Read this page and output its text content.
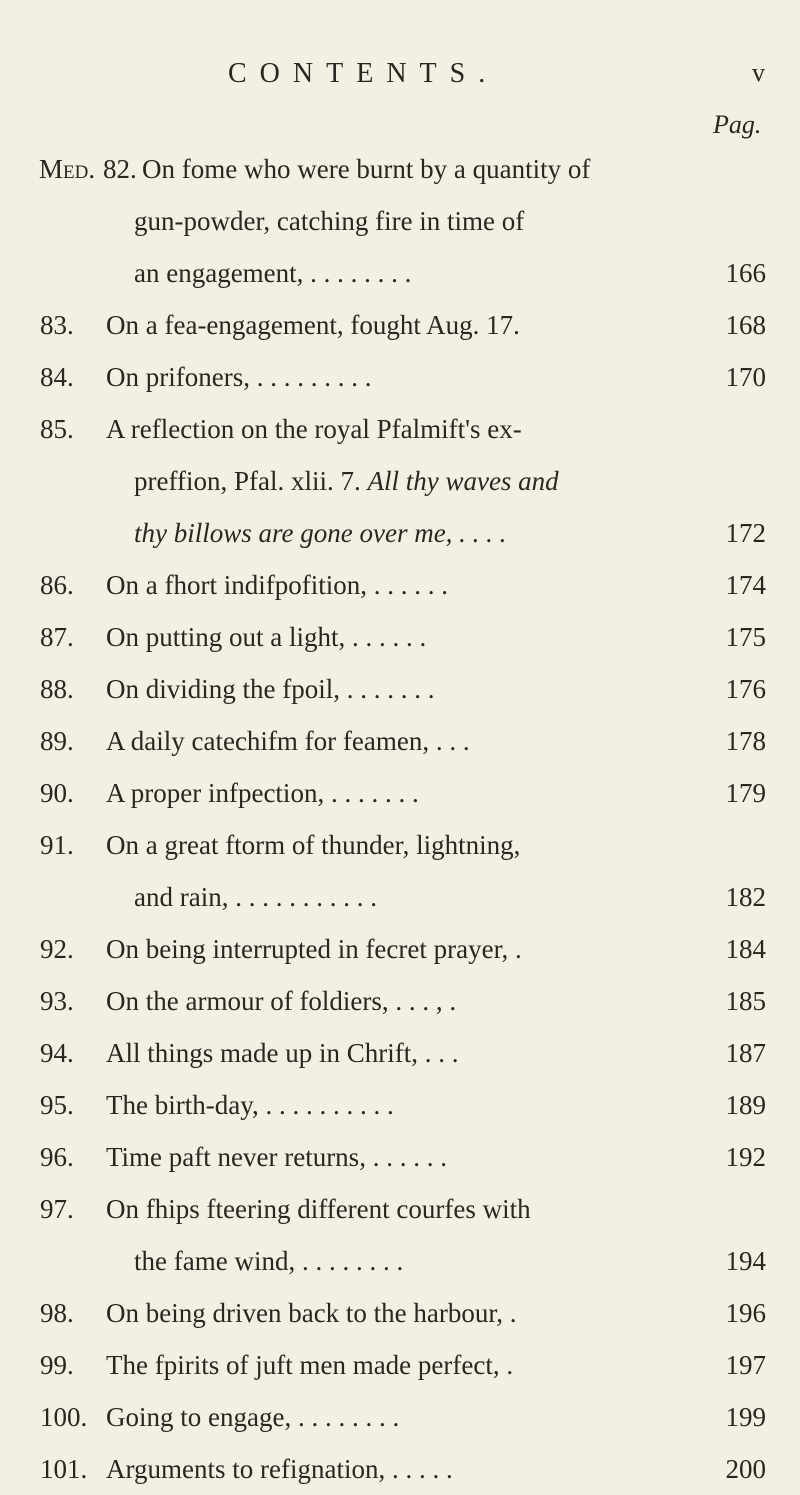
CONTENTS.	v
Pag.
Med. 82. On fome who were burnt by a quantity of
gun-powder, catching fire in time of
an engagement, . . . . . . . .	166
83. On a fea-engagement, fought Aug. 17.	168
84. On prifoners, . . . . . . . . .	170
85. A reflection on the royal Pfalmift's ex-
preffion, Pfal. xlii. 7. All thy waves and
thy billows are gone over me, . . . .	172
86. On a fhort indifpofition, . . . . . .	174
87. On putting out a light, . . . . . .	175
88. On dividing the fpoil, . . . . . . .	176
89. A daily catechifm for feamen, . . .	178
90. A proper infpection, . . . . . . .	179
91. On a great ftorm of thunder, lightning,
and rain, . . . . . . . . . . .	182
92. On being interrupted in fecret prayer, .	184
93. On the armour of foldiers, . . . , .	185
94. All things made up in Chrift, . . .	187
95. The birth-day, . . . . . . . . . .	189
96. Time paft never returns, . . . . . .	192
97. On fhips fteering different courfes with
the fame wind, . . . . . . . .	194
98. On being driven back to the harbour, .	196
99. The fpirits of juft men made perfect, .	197
100. Going to engage, . . . . . . . .	199
101. Arguments to refignation, . . . . .	200
